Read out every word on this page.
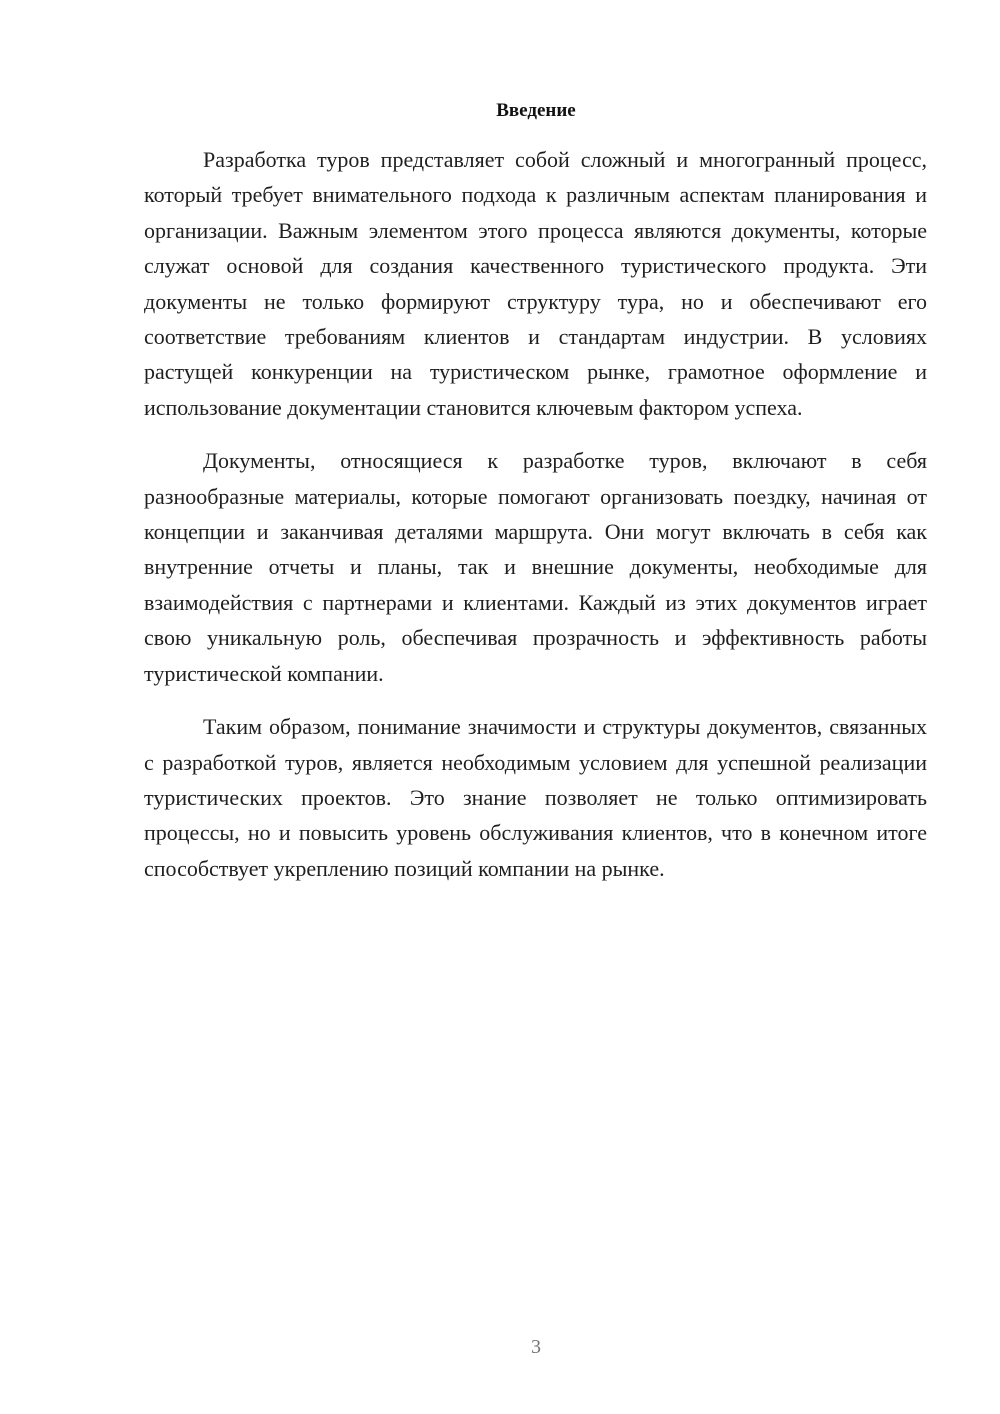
Введение

Разработка туров представляет собой сложный и многогранный процесс, который требует внимательного подхода к различным аспектам планирования и организации. Важным элементом этого процесса являются документы, которые служат основой для создания качественного туристического продукта. Эти документы не только формируют структуру тура, но и обеспечивают его соответствие требованиям клиентов и стандартам индустрии. В условиях растущей конкуренции на туристическом рынке, грамотное оформление и использование документации становится ключевым фактором успеха.

Документы, относящиеся к разработке туров, включают в себя разнообразные материалы, которые помогают организовать поездку, начиная от концепции и заканчивая деталями маршрута. Они могут включать в себя как внутренние отчеты и планы, так и внешние документы, необходимые для взаимодействия с партнерами и клиентами. Каждый из этих документов играет свою уникальную роль, обеспечивая прозрачность и эффективность работы туристической компании.

Таким образом, понимание значимости и структуры документов, связанных с разработкой туров, является необходимым условием для успешной реализации туристических проектов. Это знание позволяет не только оптимизировать процессы, но и повысить уровень обслуживания клиентов, что в конечном итоге способствует укреплению позиций компании на рынке.

3
